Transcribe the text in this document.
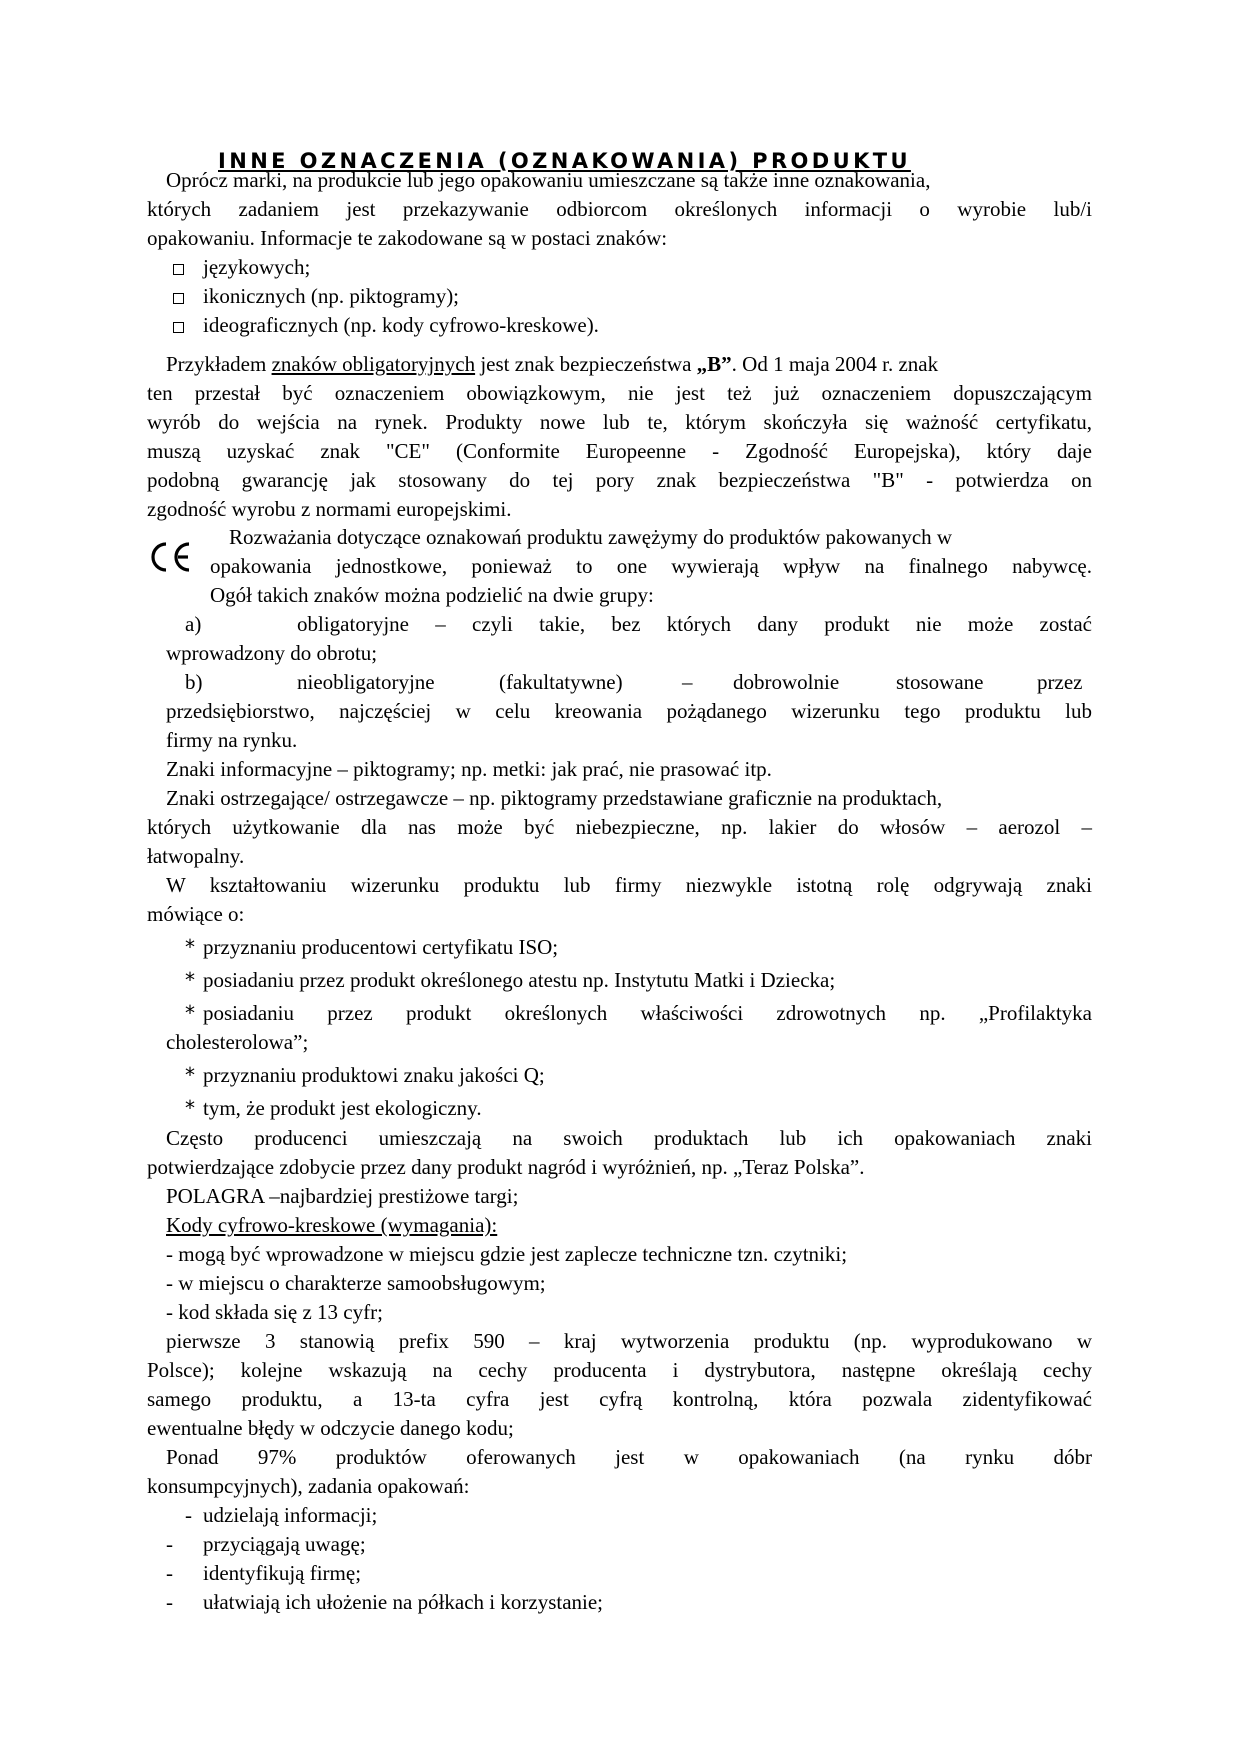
INNE OZNACZENIA (OZNAKOWANIA) PRODUKTU
Oprócz marki, na produkcie lub jego opakowaniu umieszczane są także inne oznakowania,
których zadaniem jest przekazywanie odbiorcom określonych informacji o wyrobie lub/i
opakowaniu. Informacje te zakodowane są w postaci znaków:
językowych;
ikonicznych (np. piktogramy);
ideograficznych (np. kody cyfrowo-kreskowe).
Przykładem znaków obligatoryjnych jest znak bezpieczeństwa „B”. Od 1 maja 2004 r. znak
ten przestał być oznaczeniem obowiązkowym, nie jest też już oznaczeniem dopuszczającym
wyrób do wejścia na rynek. Produkty nowe lub te, którym skończyła się ważność certyfikatu,
muszą uzyskać znak "CE" (Conformite Europeenne - Zgodność Europejska), który daje
podobną gwarancję jak stosowany do tej pory znak bezpieczeństwa "B" - potwierdza on
zgodność wyrobu z normami europejskimi.
Rozważania dotyczące oznakowań produktu zawężymy do produktów pakowanych w
opakowania jednostkowe, ponieważ to one wywierają wpływ na finalnego nabywcę.
Ogół takich znaków można podzielić na dwie grupy:
a)	obligatoryjne – czyli takie, bez których dany produkt nie może zostać
wprowadzony do obrotu;
b)	nieobligatoryjne	(fakultatywne)	– dobrowolnie	stosowane	przez
przedsiębiorstwo, najczęściej w celu kreowania pożądanego wizerunku tego produktu lub
firmy na rynku.
Znaki informacyjne – piktogramy; np. metki: jak prać, nie prasować itp.
Znaki ostrzegające/ ostrzegawcze – np. piktogramy przedstawiane graficznie na produktach,
których użytkowanie dla nas może być niebezpieczne, np. lakier do włosów – aerozol –
łatwopalny.
W kształtowaniu wizerunku produktu lub firmy niezwykle istotną rolę odgrywają znaki
mówiące o:
* przyznaniu producentowi certyfikatu ISO;
* posiadaniu przez produkt określonego atestu np. Instytutu Matki i Dziecka;
* posiadaniu przez produkt określonych właściwości zdrowotnych np. „Profilaktyka
cholesterolowa”;
* przyznaniu produktowi znaku jakości Q;
* tym, że produkt jest ekologiczny.
Często producenci umieszczają na swoich produktach lub ich opakowaniach znaki
potwierdzające zdobycie przez dany produkt nagród i wyróżnień, np. „Teraz Polska”.
POLAGRA –najbardziej prestiżowe targi;
Kody cyfrowo-kreskowe (wymagania):
- mogą być wprowadzone w miejscu gdzie jest zaplecze techniczne tzn. czytniki;
- w miejscu o charakterze samoobsługowym;
- kod składa się z 13 cyfr;
pierwsze 3 stanowią prefix 590 – kraj wytworzenia produktu (np. wyprodukowano w
Polsce); kolejne wskazują na cechy producenta i dystrybutora, następne określają cechy
samego produktu, a 13-ta cyfra jest cyfrą kontrolną, która pozwala zidentyfikować
ewentualne błędy w odczycie danego kodu;
Ponad 97% produktów oferowanych jest w opakowaniach (na rynku dóbr
konsumpcyjnych), zadania opakowań:
- udzielają informacji;
- przyciągają uwagę;
- identyfikują firmę;
- ułatwiają ich ułożenie na półkach i korzystanie;
